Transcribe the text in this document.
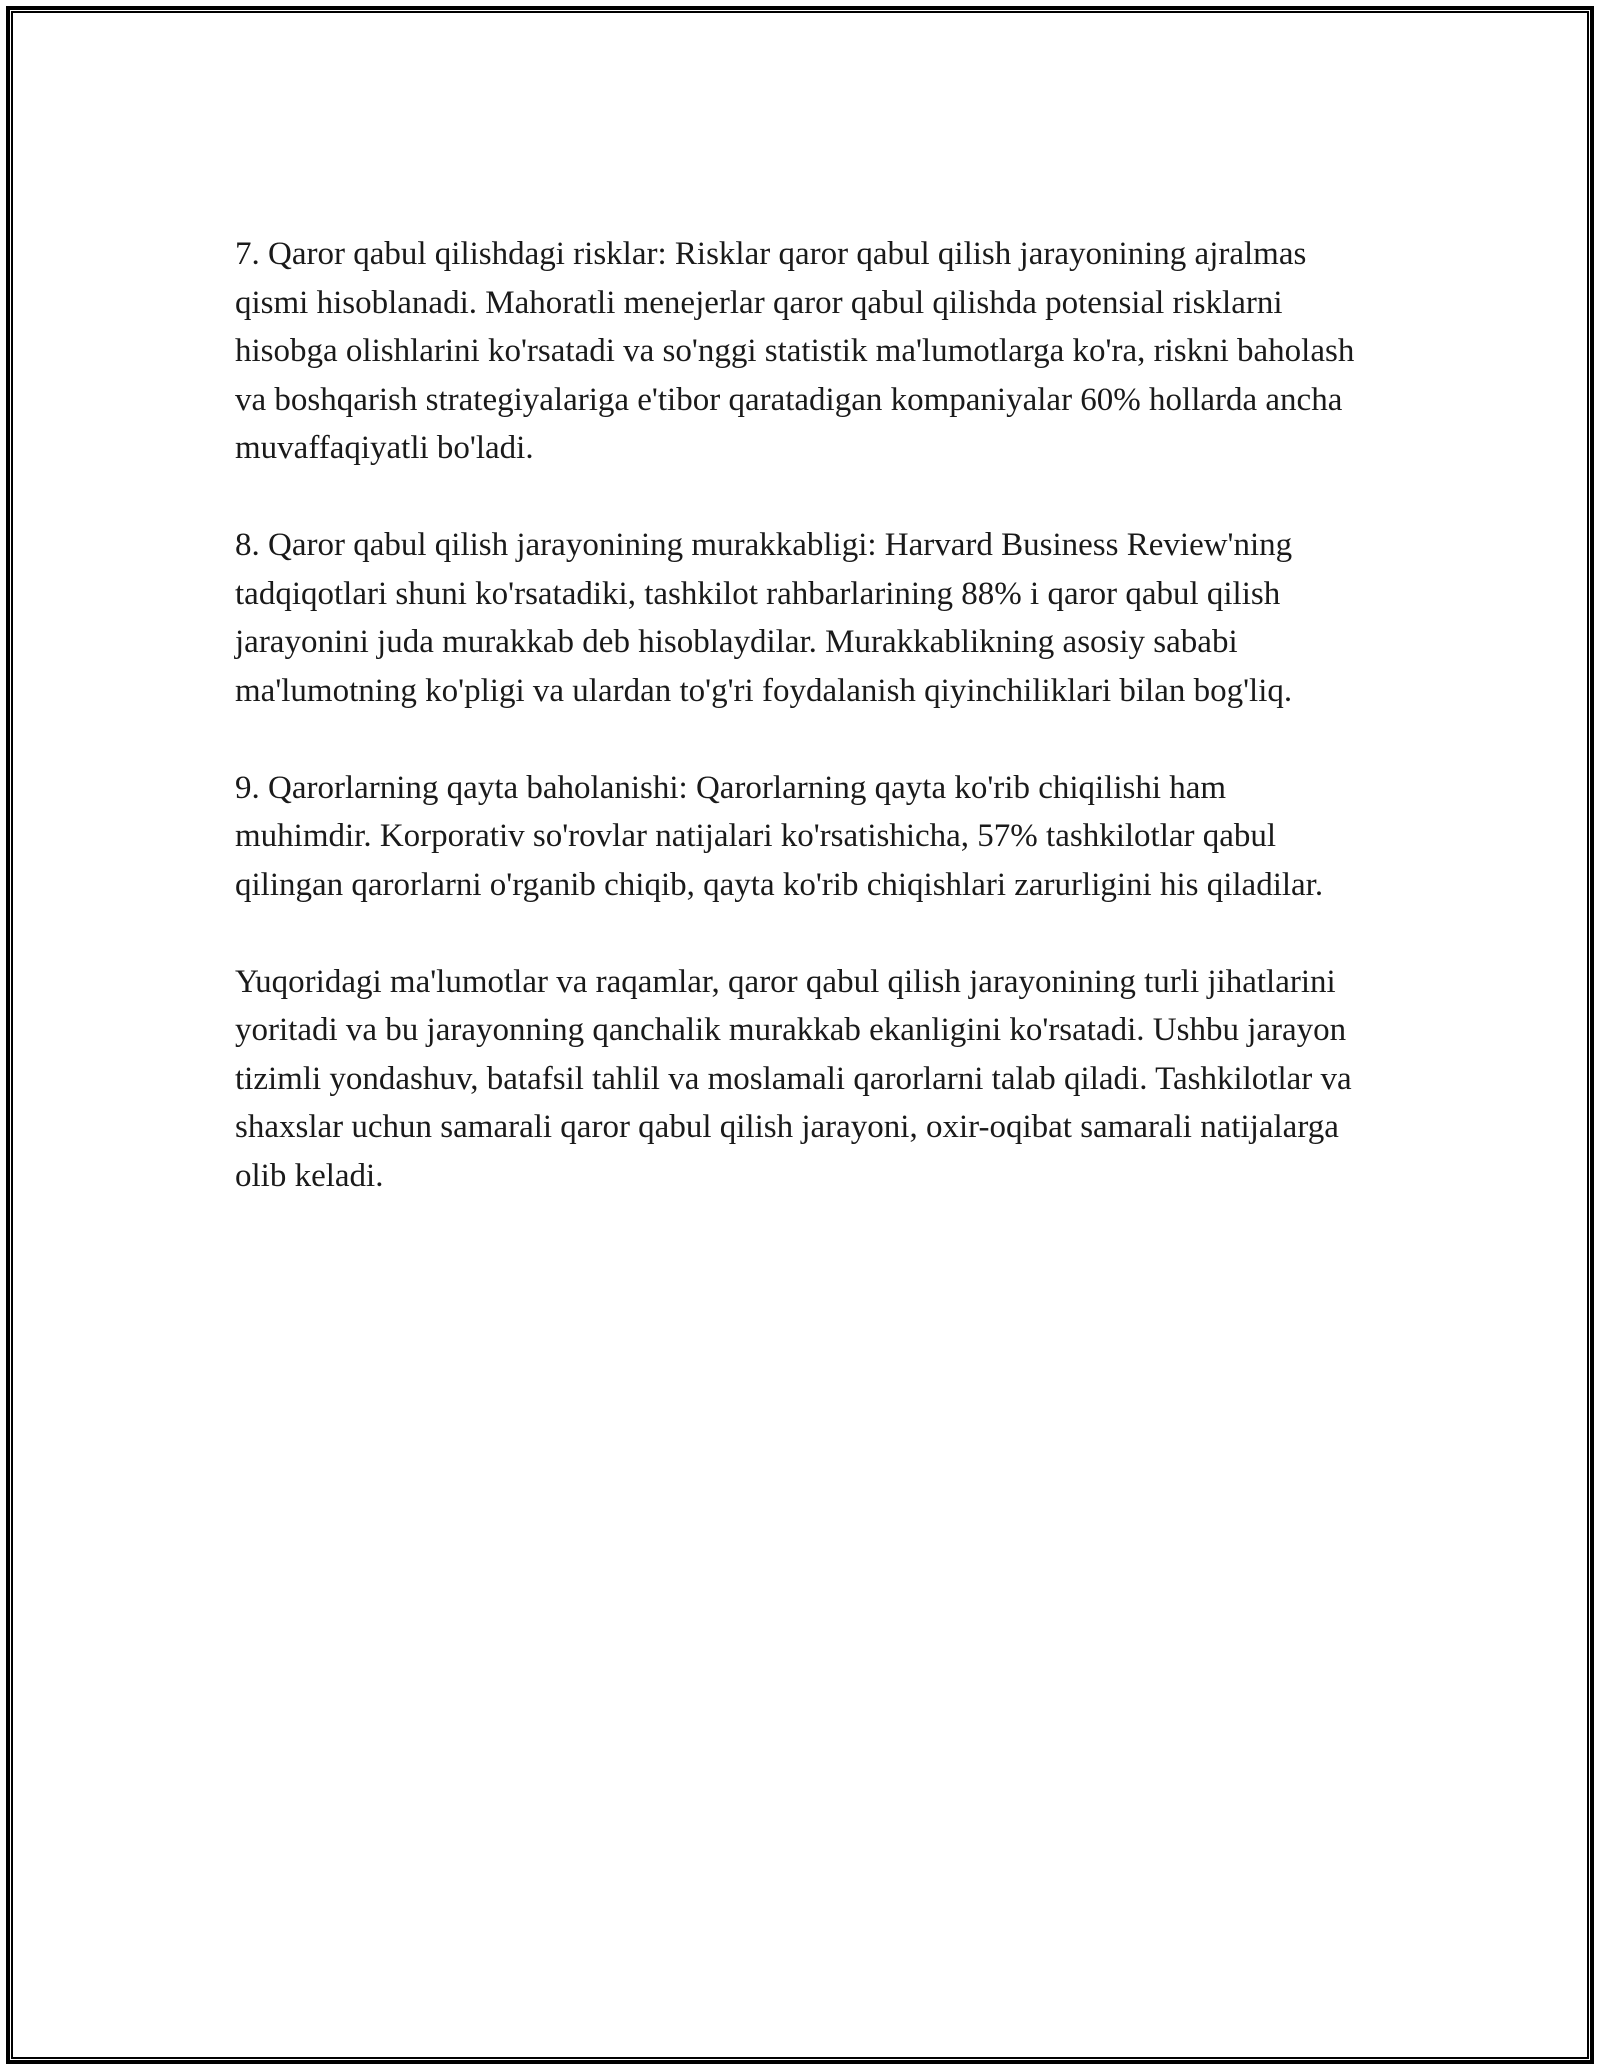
7. Qaror qabul qilishdagi risklar: Risklar qaror qabul qilish jarayonining ajralmas qismi hisoblanadi. Mahoratli menejerlar qaror qabul qilishda potensial risklarni hisobga olishlarini ko'rsatadi va so'nggi statistik ma'lumotlarga ko'ra, riskni baholash va boshqarish strategiyalariga e'tibor qaratadigan kompaniyalar 60% hollarda ancha muvaffaqiyatli bo'ladi.

8. Qaror qabul qilish jarayonining murakkabligi: Harvard Business Review'ning tadqiqotlari shuni ko'rsatadiki, tashkilot rahbarlarining 88% i qaror qabul qilish jarayonini juda murakkab deb hisoblaydilar. Murakkablikning asosiy sababi ma'lumotning ko'pligi va ulardan to'g'ri foydalanish qiyinchiliklari bilan bog'liq.

9. Qarorlarning qayta baholanishi: Qarorlarning qayta ko'rib chiqilishi ham muhimdir. Korporativ so'rovlar natijalari ko'rsatishicha, 57% tashkilotlar qabul qilingan qarorlarni o'rganib chiqib, qayta ko'rib chiqishlari zarurligini his qiladilar.

Yuqoridagi ma'lumotlar va raqamlar, qaror qabul qilish jarayonining turli jihatlarini yoritadi va bu jarayonning qanchalik murakkab ekanligini ko'rsatadi. Ushbu jarayon tizimli yondashuv, batafsil tahlil va moslamali qarorlarni talab qiladi. Tashkilotlar va shaxslar uchun samarali qaror qabul qilish jarayoni, oxir-oqibat samarali natijalarga olib keladi.
